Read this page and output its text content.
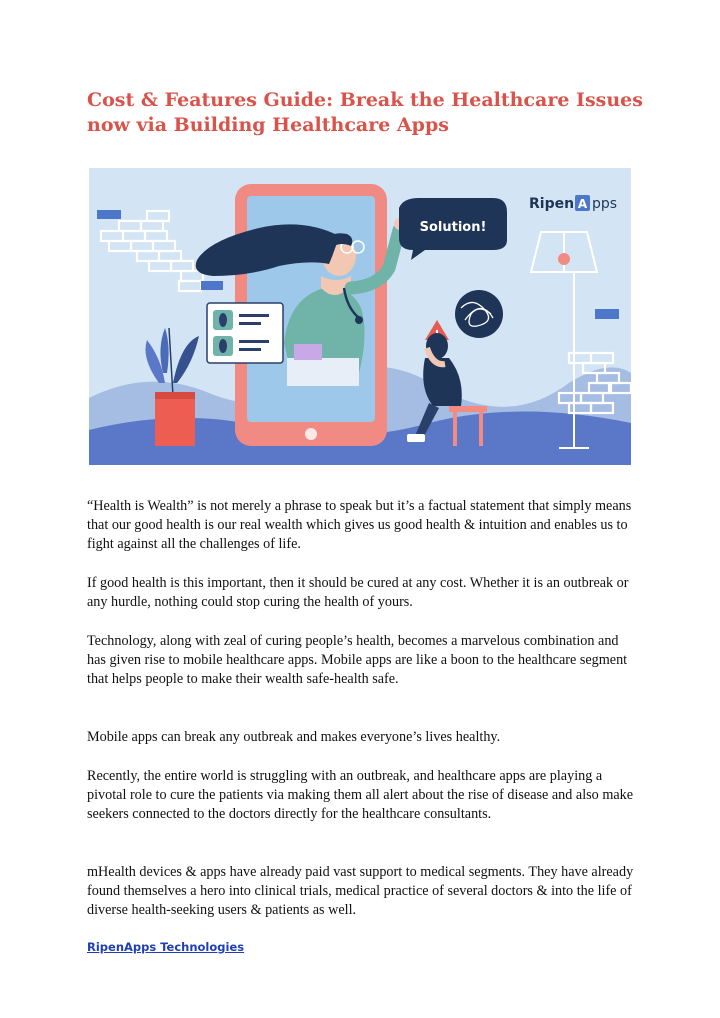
Cost & Features Guide: Break the Healthcare Issues now via Building Healthcare Apps
Solution!
Ripen A pps

“Health is Wealth” is not merely a phrase to speak but it’s a factual statement that simply means that our good health is our real wealth which gives us good health & intuition and enables us to fight against all the challenges of life.

If good health is this important, then it should be cured at any cost. Whether it is an outbreak or any hurdle, nothing could stop curing the health of yours.

Technology, along with zeal of curing people’s health, becomes a marvelous combination and has given rise to mobile healthcare apps. Mobile apps are like a boon to the healthcare segment that helps people to make their wealth safe-health safe.

Mobile apps can break any outbreak and makes everyone’s lives healthy.

Recently, the entire world is struggling with an outbreak, and healthcare apps are playing a pivotal role to cure the patients via making them all alert about the rise of disease and also make seekers connected to the doctors directly for the healthcare consultants.

mHealth devices & apps have already paid vast support to medical segments. They have already found themselves a hero into clinical trials, medical practice of several doctors & into the life of diverse health-seeking users & patients as well.

RipenApps Technologies
